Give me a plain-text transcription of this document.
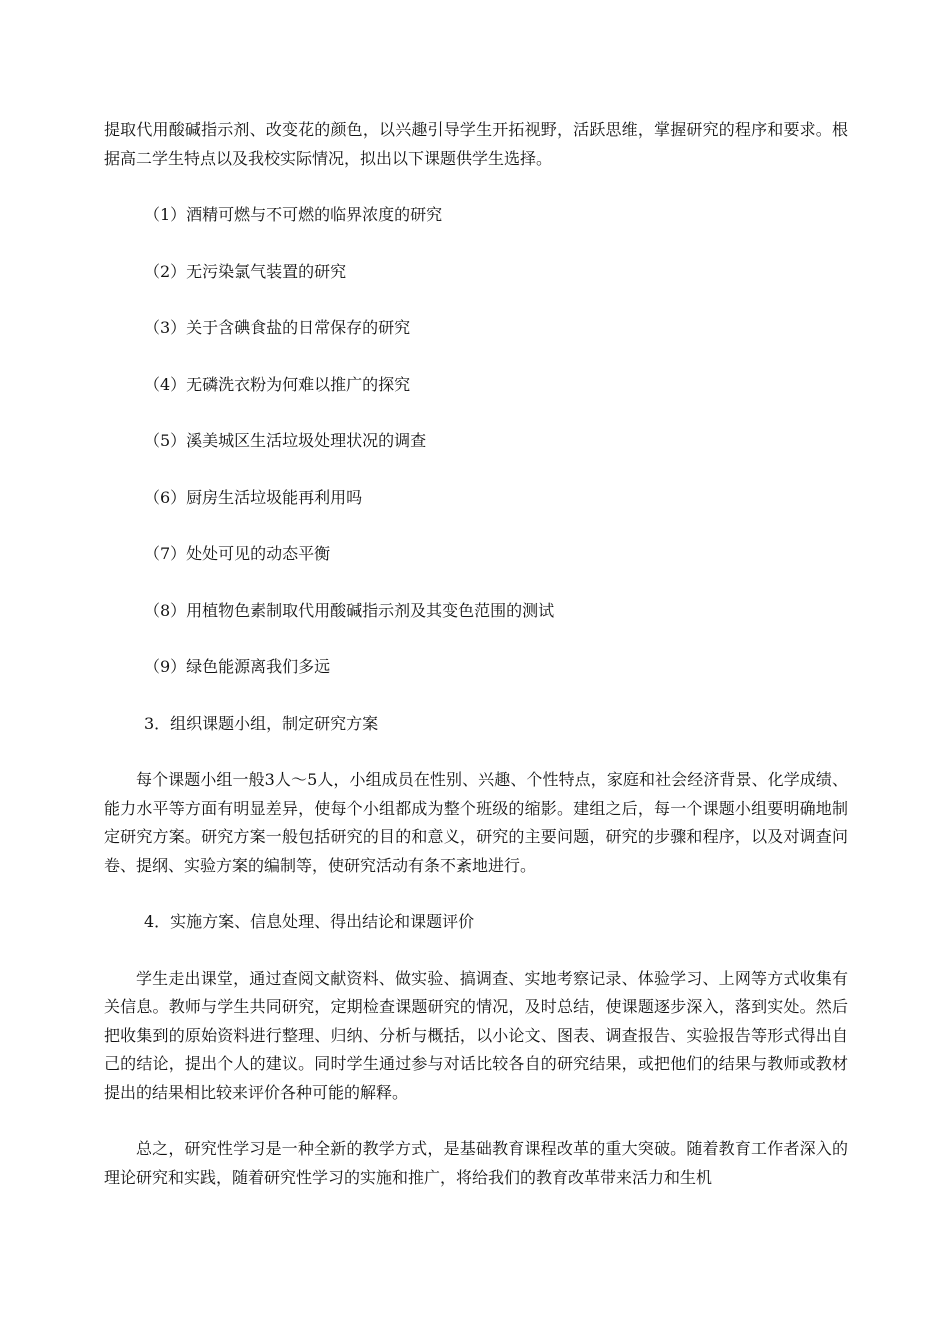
提取代用酸碱指示剂、改变花的颜色，以兴趣引导学生开拓视野，活跃思维，掌握研究的程序和要求。根据高二学生特点以及我校实际情况，拟出以下课题供学生选择。

（1）酒精可燃与不可燃的临界浓度的研究

（2）无污染氯气装置的研究

（3）关于含碘食盐的日常保存的研究

（4）无磷洗衣粉为何难以推广的探究

（5）溪美城区生活垃圾处理状况的调查

（6）厨房生活垃圾能再利用吗

（7）处处可见的动态平衡

（8）用植物色素制取代用酸碱指示剂及其变色范围的测试

（9）绿色能源离我们多远

3．组织课题小组，制定研究方案

每个课题小组一般3人～5人，小组成员在性别、兴趣、个性特点，家庭和社会经济背景、化学成绩、能力水平等方面有明显差异，使每个小组都成为整个班级的缩影。建组之后，每一个课题小组要明确地制定研究方案。研究方案一般包括研究的目的和意义，研究的主要问题，研究的步骤和程序，以及对调查问卷、提纲、实验方案的编制等，使研究活动有条不紊地进行。

4．实施方案、信息处理、得出结论和课题评价

学生走出课堂，通过查阅文献资料、做实验、搞调查、实地考察记录、体验学习、上网等方式收集有关信息。教师与学生共同研究，定期检查课题研究的情况，及时总结，使课题逐步深入，落到实处。然后把收集到的原始资料进行整理、归纳、分析与概括，以小论文、图表、调查报告、实验报告等形式得出自己的结论，提出个人的建议。同时学生通过参与对话比较各自的研究结果，或把他们的结果与教师或教材提出的结果相比较来评价各种可能的解释。

总之，研究性学习是一种全新的教学方式，是基础教育课程改革的重大突破。随着教育工作者深入的理论研究和实践，随着研究性学习的实施和推广，将给我们的教育改革带来活力和生机
